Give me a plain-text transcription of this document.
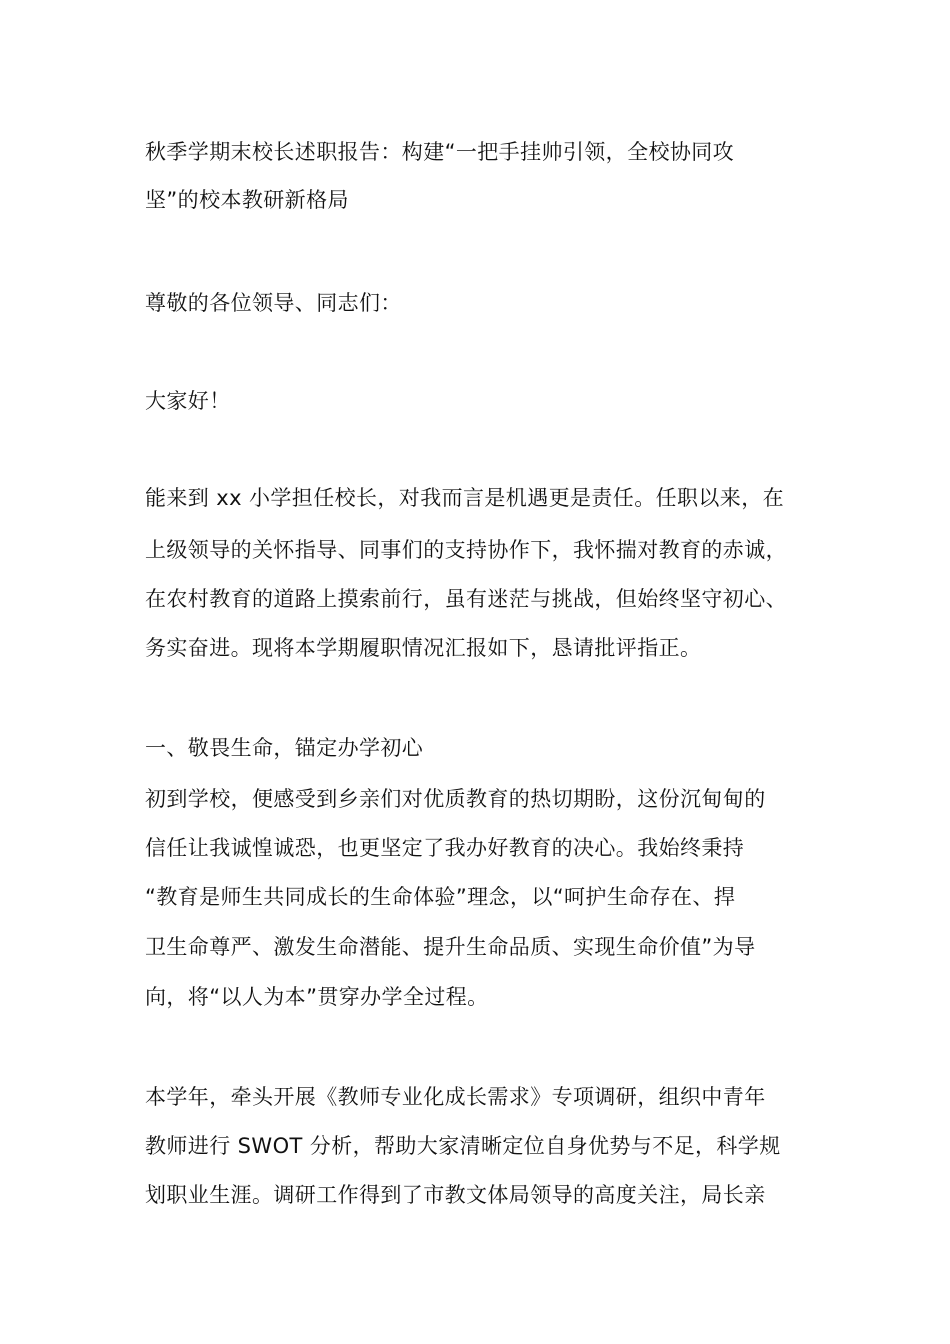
秋季学期末校长述职报告：构建“一把手挂帅引领，全校协同攻
坚”的校本教研新格局
尊敬的各位领导、同志们：
大家好！
能来到 xx 小学担任校长，对我而言是机遇更是责任。任职以来，在
上级领导的关怀指导、同事们的支持协作下，我怀揣对教育的赤诚，
在农村教育的道路上摸索前行，虽有迷茫与挑战，但始终坚守初心、
务实奋进。现将本学期履职情况汇报如下，恳请批评指正。
一、敬畏生命，锚定办学初心
初到学校，便感受到乡亲们对优质教育的热切期盼，这份沉甸甸的
信任让我诚惶诚恐，也更坚定了我办好教育的决心。我始终秉持
“教育是师生共同成长的生命体验”理念，以“呵护生命存在、捍
卫生命尊严、激发生命潜能、提升生命品质、实现生命价值”为导
向，将“以人为本”贯穿办学全过程。
本学年，牵头开展《教师专业化成长需求》专项调研，组织中青年
教师进行 SWOT 分析，帮助大家清晰定位自身优势与不足，科学规
划职业生涯。调研工作得到了市教文体局领导的高度关注，局长亲
